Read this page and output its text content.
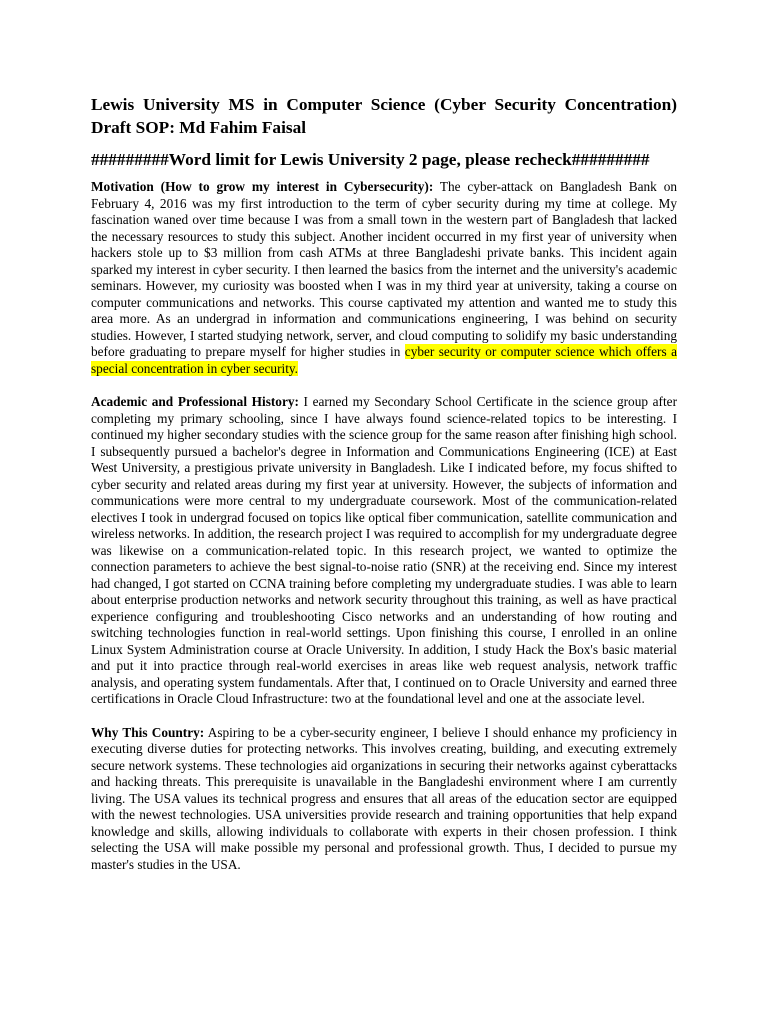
Lewis University MS in Computer Science (Cyber Security Concentration)
Draft SOP: Md Fahim Faisal

#########Word limit for Lewis University 2 page, please recheck#########

Motivation (How to grow my interest in Cybersecurity): The cyber-attack on Bangladesh Bank on February 4, 2016 was my first introduction to the term of cyber security during my time at college. My fascination waned over time because I was from a small town in the western part of Bangladesh that lacked the necessary resources to study this subject. Another incident occurred in my first year of university when hackers stole up to $3 million from cash ATMs at three Bangladeshi private banks. This incident again sparked my interest in cyber security. I then learned the basics from the internet and the university's academic seminars. However, my curiosity was boosted when I was in my third year at university, taking a course on computer communications and networks. This course captivated my attention and wanted me to study this area more. As an undergrad in information and communications engineering, I was behind on security studies. However, I started studying network, server, and cloud computing to solidify my basic understanding before graduating to prepare myself for higher studies in cyber security or computer science which offers a special concentration in cyber security.

Academic and Professional History: I earned my Secondary School Certificate in the science group after completing my primary schooling, since I have always found science-related topics to be interesting. I continued my higher secondary studies with the science group for the same reason after finishing high school. I subsequently pursued a bachelor's degree in Information and Communications Engineering (ICE) at East West University, a prestigious private university in Bangladesh. Like I indicated before, my focus shifted to cyber security and related areas during my first year at university. However, the subjects of information and communications were more central to my undergraduate coursework. Most of the communication-related electives I took in undergrad focused on topics like optical fiber communication, satellite communication and wireless networks. In addition, the research project I was required to accomplish for my undergraduate degree was likewise on a communication-related topic. In this research project, we wanted to optimize the connection parameters to achieve the best signal-to-noise ratio (SNR) at the receiving end. Since my interest had changed, I got started on CCNA training before completing my undergraduate studies. I was able to learn about enterprise production networks and network security throughout this training, as well as have practical experience configuring and troubleshooting Cisco networks and an understanding of how routing and switching technologies function in real-world settings. Upon finishing this course, I enrolled in an online Linux System Administration course at Oracle University. In addition, I study Hack the Box's basic material and put it into practice through real-world exercises in areas like web request analysis, network traffic analysis, and operating system fundamentals. After that, I continued on to Oracle University and earned three certifications in Oracle Cloud Infrastructure: two at the foundational level and one at the associate level.

Why This Country: Aspiring to be a cyber-security engineer, I believe I should enhance my proficiency in executing diverse duties for protecting networks. This involves creating, building, and executing extremely secure network systems. These technologies aid organizations in securing their networks against cyberattacks and hacking threats. This prerequisite is unavailable in the Bangladeshi environment where I am currently living. The USA values its technical progress and ensures that all areas of the education sector are equipped with the newest technologies. USA universities provide research and training opportunities that help expand knowledge and skills, allowing individuals to collaborate with experts in their chosen profession. I think selecting the USA will make possible my personal and professional growth. Thus, I decided to pursue my master's studies in the USA.
